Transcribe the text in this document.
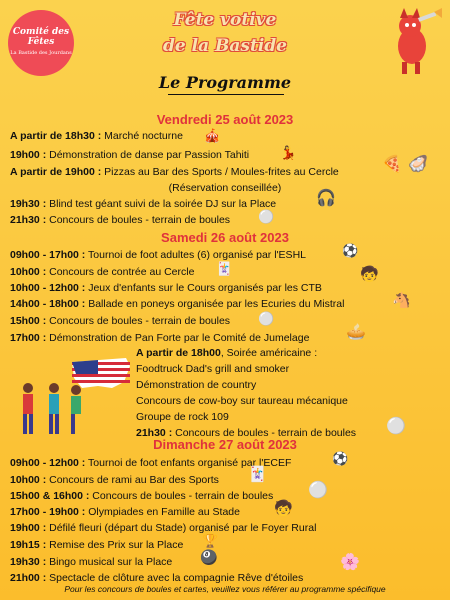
Comité des
Fêtes
La Bastide des Jourdans
Fête votive
de la Bastide
Le Programme
Vendredi 25 août 2023
A partir de 18h30 : Marché nocturne 🎪
19h00 : Démonstration de danse par Passion Tahiti 💃
A partir de 19h00 : Pizzas au Bar des Sports / Moules-frites au Cercle	🍕 🦪
(Réservation conseillée)
19h30 : Blind test géant suivi de la soirée DJ sur la Place 🎧
21h30 : Concours de boules - terrain de boules ⚪
Samedi 26 août 2023
09h00 - 17h00 : Tournoi de foot adultes (6) organisé par l'ESHL	⚽
10h00 : Concours de contrée au Cercle 🃏
10h00 - 12h00 : Jeux d'enfants sur le Cours organisés par les CTB
🧒
14h00 - 18h00 : Ballade en poneys organisée par les Ecuries du Mistral	🐴
15h00 : Concours de boules - terrain de boules ⚪
17h00 : Démonstration de Pan Forte par le Comité de Jumelage 🥧
A partir de 18h00, Soirée américaine :
Foodtruck Dad's grill and smoker
Démonstration de country
Concours de cow-boy sur taureau mécanique
Groupe de rock 109
21h30 : Concours de boules - terrain de boules ⚪
Dimanche 27 août 2023
09h00 - 12h00 : Tournoi de foot enfants organisé par l'ECEF	⚽
10h00 : Concours de rami au Bar des Sports 🃏
15h00 & 16h00 : Concours de boules - terrain de boules ⚪
17h00 - 19h00 : Olympiades en Famille au Stade 🧒
19h00 : Défilé fleuri (départ du Stade) organisé par le Foyer Rural
19h15 : Remise des Prix sur la Place 🏆
19h30 : Bingo musical sur la Place 🎱
21h00 : Spectacle de clôture avec la compagnie Rêve d'étoiles
🌸
Pour les concours de boules et cartes, veuillez vous référer au programme spécifique
